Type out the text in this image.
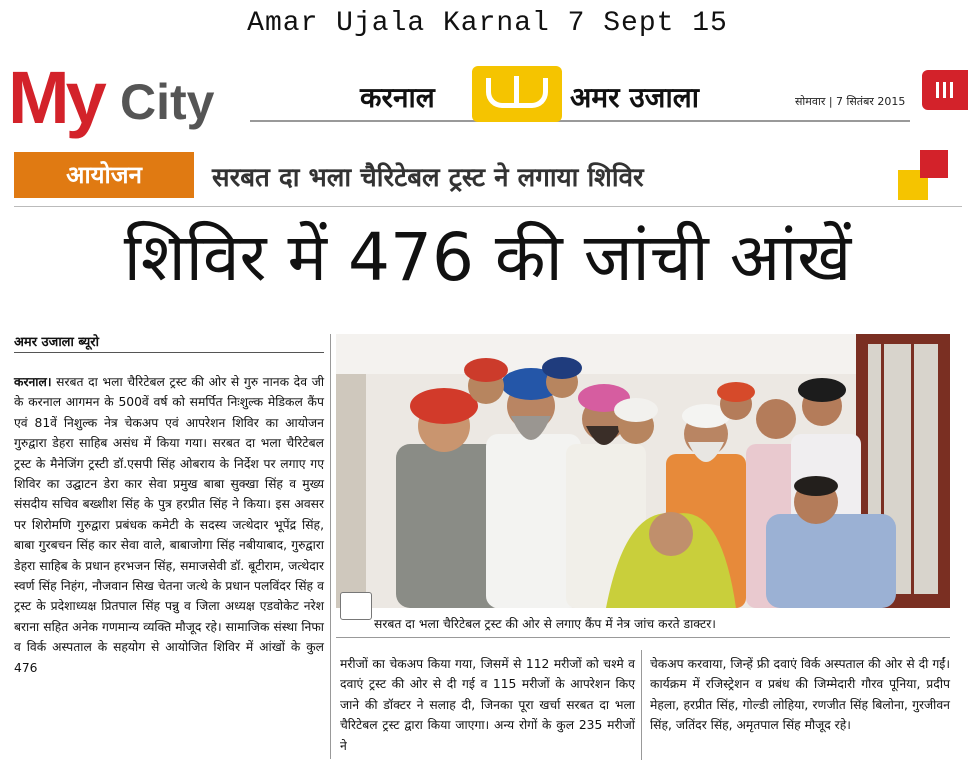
Amar Ujala Karnal 7 Sept 15
My City	करनाल	अमर उजाला	सोमवार | 7 सितंबर 2015
आयोजन	सरबत दा भला चैरिटेबल ट्रस्ट ने लगाया शिविर
शिविर में 476 की जांची आंखें
अमर उजाला ब्यूरो

करनाल। सरबत दा भला चैरिटेबल ट्रस्ट की ओर से गुरु नानक देव जी के करनाल आगमन के 500वें वर्ष को समर्पित निःशुल्क मेडिकल कैंप एवं 81वें निशुल्क नेत्र चेकअप एवं आपरेशन शिविर का आयोजन गुरुद्वारा डेहरा साहिब असंध में किया गया। सरबत दा भला चैरिटेबल ट्रस्ट के मैनेजिंग ट्रस्टी डॉ.एसपी सिंह ओबराय के निर्देश पर लगाए गए शिविर का उद्घाटन डेरा कार सेवा प्रमुख बाबा सुक्खा सिंह व मुख्य संसदीय सचिव बख्शीश सिंह के पुत्र हरप्रीत सिंह ने किया। इस अवसर पर शिरोमणि गुरुद्वारा प्रबंधक कमेटी के सदस्य जत्थेदार भूपेंद्र सिंह, बाबा गुरबचन सिंह कार सेवा वाले, बाबाजोगा सिंह नबीयाबाद, गुरुद्वारा डेहरा साहिब के प्रधान हरभजन सिंह, समाजसेवी डॉ. बूटीराम, जत्थेदार स्वर्ण सिंह निहंग, नौजवान सिख चेतना जत्थे के प्रधान पलविंदर सिंह व ट्रस्ट के प्रदेशाध्यक्ष प्रितपाल सिंह पन्नु व जिला अध्यक्ष एडवोकेट नरेश बराना सहित अनेक गणमान्य व्यक्ति मौजूद रहे। सामाजिक संस्था निफा व विर्क अस्पताल के सहयोग से आयोजित शिविर में आंखों के कुल 476

सरबत दा भला चैरिटेबल ट्रस्ट की ओर से लगाए कैंप में नेत्र जांच करते डाक्टर।

मरीजों का चेकअप किया गया, जिसमें से 112 मरीजों को चश्मे व दवाएं ट्रस्ट की ओर से दी गई व 115 मरीजों के आपरेशन किए जाने की डॉक्टर ने सलाह दी, जिनका पूरा खर्चा सरबत दा भला चैरिटेबल ट्रस्ट द्वारा किया जाएगा। अन्य रोगों के कुल 235 मरीजों ने

चेकअप करवाया, जिन्हें फ्री दवाएं विर्क अस्पताल की ओर से दी गईं। कार्यक्रम में रजिस्ट्रेशन व प्रबंध की जिम्मेदारी गौरव पूनिया, प्रदीप मेहला, हरप्रीत सिंह, गोल्डी लोहिया, रणजीत सिंह बिलोना, गुरजीवन सिंह, जतिंदर सिंह, अमृतपाल सिंह मौजूद रहे।
